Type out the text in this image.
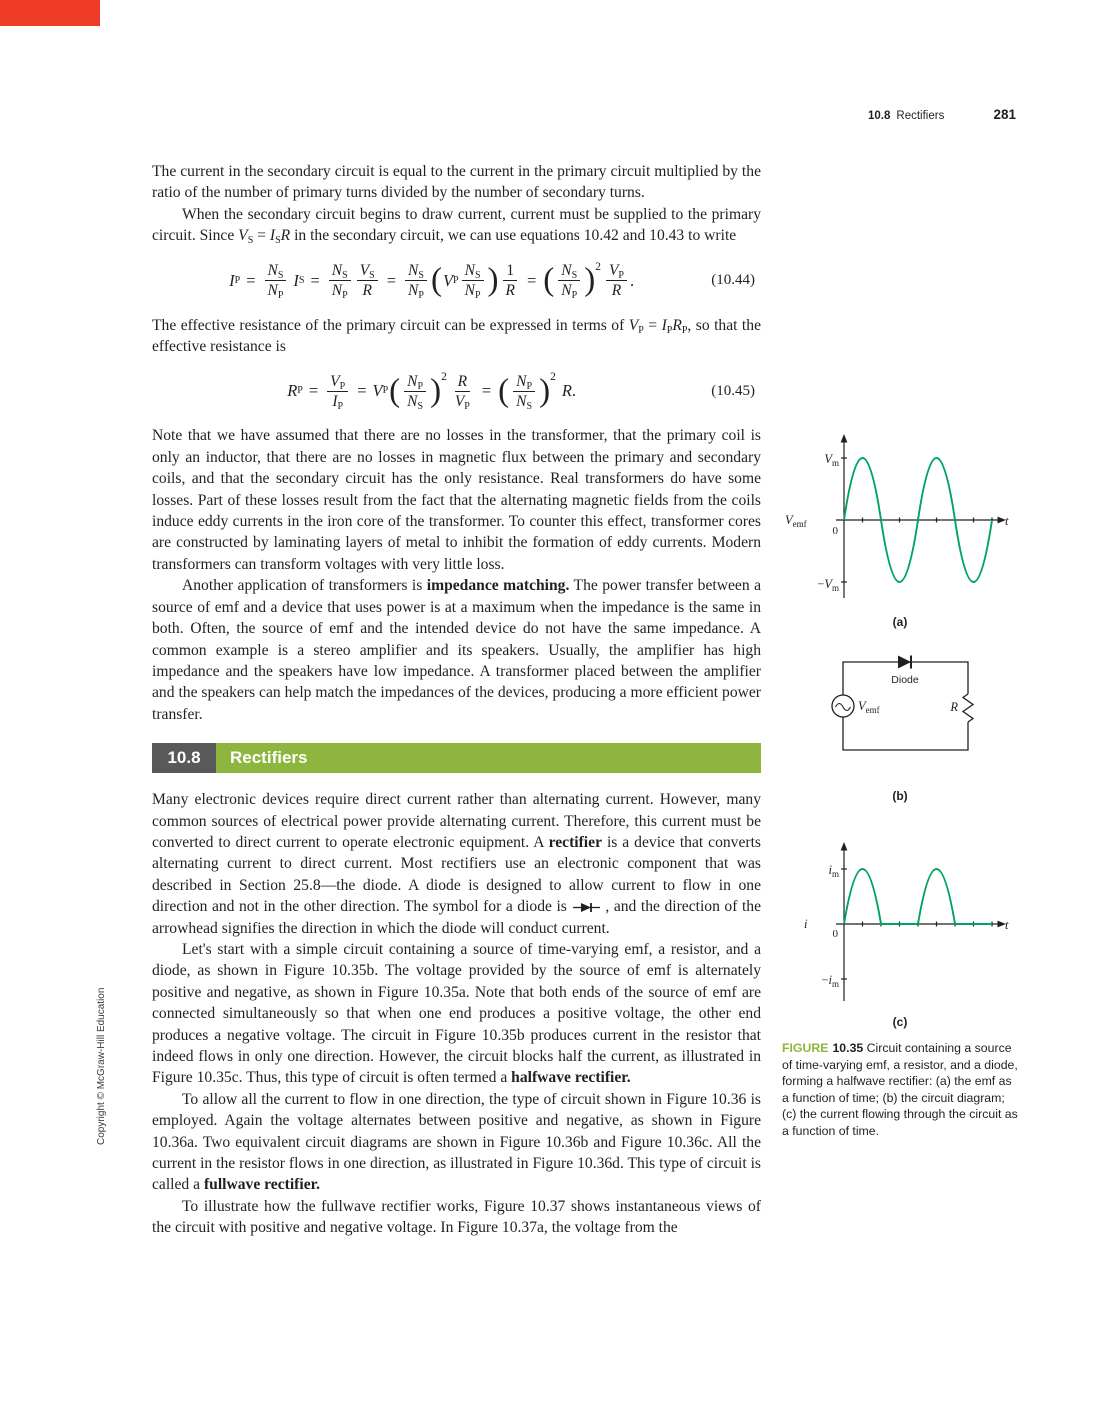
10.8 Rectifiers	281
Copyright © McGraw-Hill Education

The current in the secondary circuit is equal to the current in the primary circuit multiplied by the ratio of the number of primary turns divided by the number of secondary turns.

When the secondary circuit begins to draw current, current must be supplied to the primary circuit. Since $V_S = I_SR$ in the secondary circuit, we can use equations 10.42 and 10.43 to write

I $P = \frac{N_S}{N_P}$ I $S = \frac{N_S}{N_P} \frac{V_S}{R} = \frac{N_S}{N_P}$ ( V P $\frac{N_S}{N_P}$ ) $\frac{1}{R}$ = ( $\frac{N_S}{N_P}$ ) $2 \frac{V_P}{R}$ .	(10.44)

The effective resistance of the primary circuit can be expressed in terms of $V_P = I_PR_P$, so that the effective resistance is

R $P = \frac{V_P}{I_P} = V$ P ( $\frac{N_P}{N_S}$ ) $2 \frac{R}{V_P}$ = ( $\frac{N_P}{N_S}$ ) 2
R .	(10.45)

Note that we have assumed that there are no losses in the transformer, that the primary coil is only an inductor, that there are no losses in magnetic flux between the primary and secondary coils, and that the secondary circuit has the only resistance. Real transformers do have some losses. Part of these losses result from the fact that the alternating magnetic fields from the coils induce eddy currents in the iron core of the transformer. To counter this effect, transformer cores are constructed by laminating layers of metal to inhibit the formation of eddy currents. Modern transformers can transform voltages with very little loss.

Another application of transformers is impedance matching. The power transfer between a source of emf and a device that uses power is at a maximum when the impedance is the same in both. Often, the source of emf and the intended device do not have the same impedance. A common example is a stereo amplifier and its speakers. Usually, the amplifier has high impedance and the speakers have low impedance. A transformer placed between the amplifier and the speakers can help match the impedances of the devices, producing a more efficient power transfer.

10.8	Rectifiers

Many electronic devices require direct current rather than alternating current. However, many common sources of electrical power provide alternating current. Therefore, this current must be converted to direct current to operate electronic equipment. A rectifier is a device that converts alternating current to direct current. Most rectifiers use an electronic component that was described in Section 25.8—the diode. A diode is designed to allow current to flow in one direction and not in the other direction. The symbol for a diode is , and the direction of the arrowhead signifies the direction in which the diode will conduct current.

Let's start with a simple circuit containing a source of time-varying emf, a resistor, and a diode, as shown in Figure 10.35b. The voltage provided by the source of emf is alternately positive and negative, as shown in Figure 10.35a. Note that both ends of the source of emf are connected simultaneously so that when one end produces a positive voltage, the other end produces a negative voltage. The circuit in Figure 10.35b produces current in the resistor that indeed flows in only one direction. However, the circuit blocks half the current, as illustrated in Figure 10.35c. Thus, this type of circuit is often termed a halfwave rectifier.

To allow all the current to flow in one direction, the type of circuit shown in Figure 10.36 is employed. Again the voltage alternates between positive and negative, as shown in Figure 10.36a. Two equivalent circuit diagrams are shown in Figure 10.36b and Figure 10.36c. All the current in the resistor flows in one direction, as illustrated in Figure 10.36d. This type of circuit is called a fullwave rectifier.

To illustrate how the fullwave rectifier works, Figure 10.37 shows instantaneous views of the circuit with positive and negative voltage. In Figure 10.37a, the voltage from the

$V_m$
$-V_m$
$V_{emf}$
0
t
(a)
Diode
$V_{emf}$	R
(b)
$i_m$
$-i_m$
i
0
t
(c)
FIGURE 10.35 Circuit containing a source of time-varying emf, a resistor, and a diode, forming a halfwave rectifier: (a) the emf as a function of time; (b) the circuit diagram; (c) the current flowing through the circuit as a function of time.
